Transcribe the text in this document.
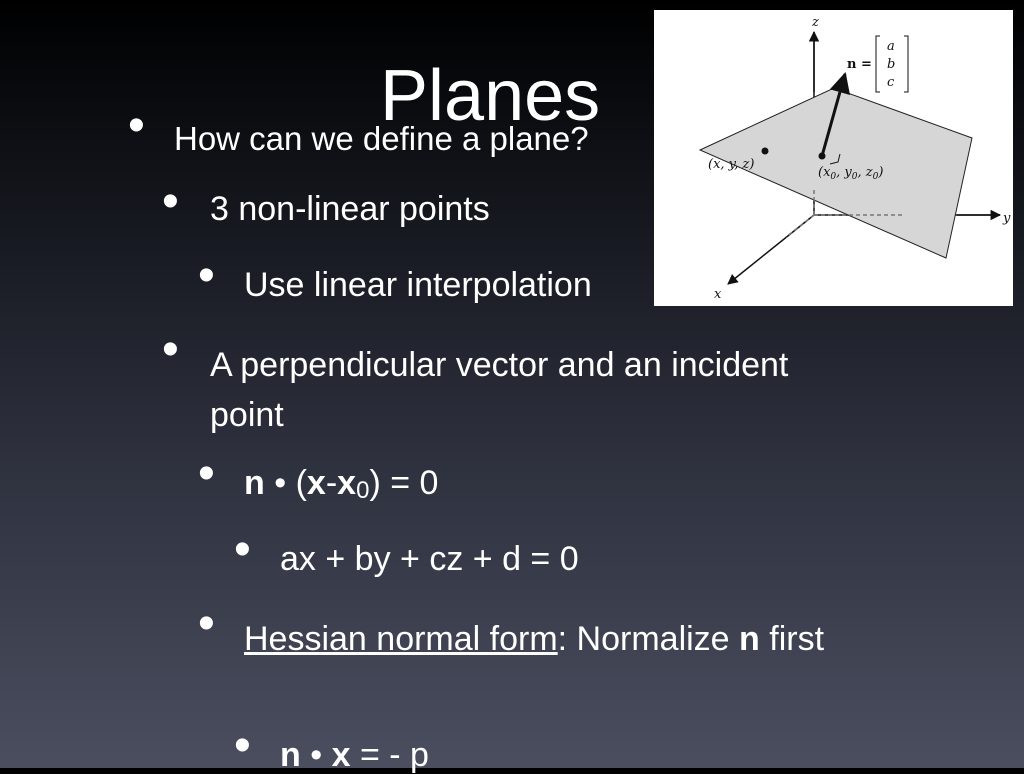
Planes
• How can we define a plane?
• 3 non-linear points
• Use linear interpolation
• A perpendicular vector and an incident point
• n • (x-x0) = 0
• ax + by + cz + d = 0
• Hessian normal form: Normalize n first
• n • x = - p
z
y
x
n =
a
b
c
(x, y, z)
($x_0$, $y_0$, $z_0$)
